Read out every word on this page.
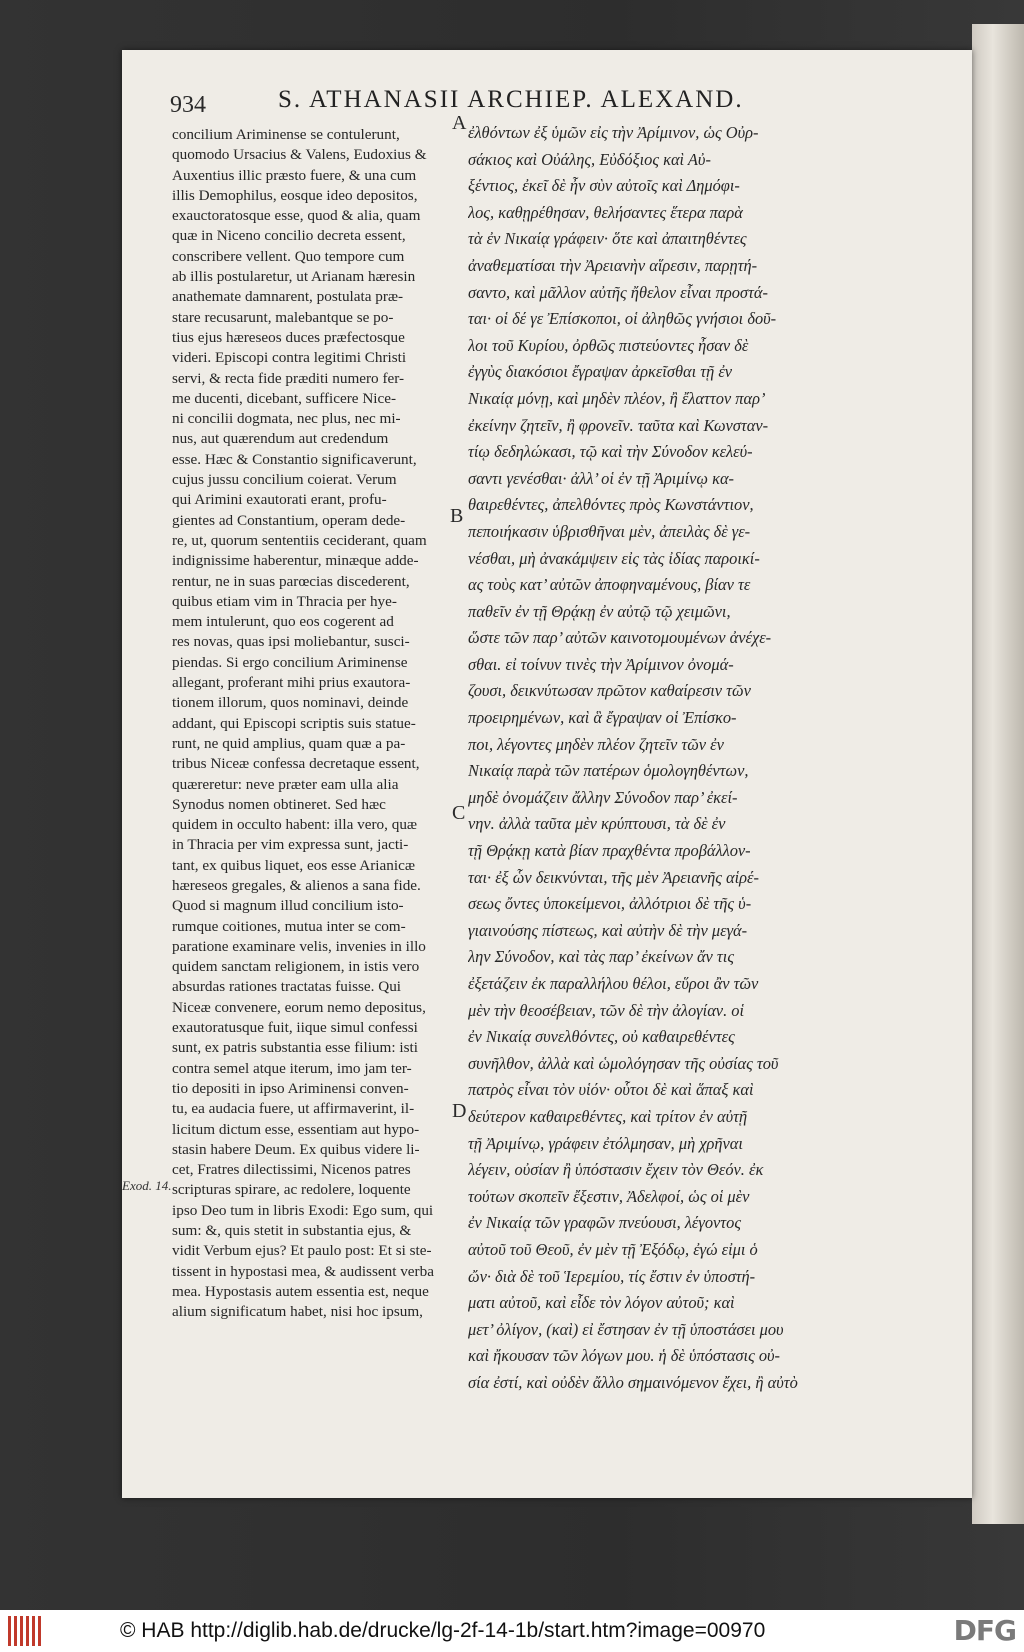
934	S. ATHANASII ARCHIEP. ALEXAND.

concilium Ariminense se contulerunt,
quomodo Ursacius & Valens, Eudoxius &
Auxentius illic præsto fuere, & una cum
illis Demophilus, eosque ideo depositos,
exauctoratosque esse, quod & alia, quam
quæ in Niceno concilio decreta essent,
conscribere vellent. Quo tempore cum
ab illis postularetur, ut Arianam hæresin
anathemate damnarent, postulata præ-
stare recusarunt, malebantque se po-
tius ejus hæreseos duces præfectosque
videri. Episcopi contra legitimi Christi
servi, & recta fide præditi numero fer-
me ducenti, dicebant, sufficere Nice-
ni concilii dogmata, nec plus, nec mi-
nus, aut quærendum aut credendum
esse. Hæc & Constantio significaverunt,
cujus jussu concilium coierat. Verum
qui Arimini exautorati erant, profu-
gientes ad Constantium, operam dede-
re, ut, quorum sententiis ceciderant, quam
indignissime haberentur, minæque adde-
rentur, ne in suas parœcias discederent,
quibus etiam vim in Thracia per hye-
mem intulerunt, quo eos cogerent ad
res novas, quas ipsi moliebantur, susci-
piendas. Si ergo concilium Ariminense
allegant, proferant mihi prius exautora-
tionem illorum, quos nominavi, deinde
addant, qui Episcopi scriptis suis statue-
runt, ne quid amplius, quam quæ a pa-
tribus Niceæ confessa decretaque essent,
quæreretur: neve præter eam ulla alia
Synodus nomen obtineret. Sed hæc
quidem in occulto habent: illa vero, quæ
in Thracia per vim expressa sunt, jacti-
tant, ex quibus liquet, eos esse Arianicæ
hæreseos gregales, & alienos a sana fide.
Quod si magnum illud concilium isto-
rumque coitiones, mutua inter se com-
paratione examinare velis, invenies in illo
quidem sanctam religionem, in istis vero
absurdas rationes tractatas fuisse. Qui
Niceæ convenere, eorum nemo depositus,
exautoratusque fuit, iique simul confessi
sunt, ex patris substantia esse filium: isti
contra semel atque iterum, imo jam ter-
tio depositi in ipso Ariminensi conven-
tu, ea audacia fuere, ut affirmaverint, il-
licitum dictum esse, essentiam aut hypo-
stasin habere Deum. Ex quibus videre li-
cet, Fratres dilectissimi, Nicenos patres
scripturas spirare, ac redolere, loquente
ipso Deo tum in libris Exodi: Ego sum, qui
sum: &, quis stetit in substantia ejus, &
vidit Verbum ejus? Et paulo post: Et si ste-
tissent in hypostasi mea, & audissent verba
mea. Hypostasis autem essentia est, neque
alium significatum habet, nisi hoc ipsum,
ἐλθόντων ἐξ ὑμῶν εἰς τὴν Ἀρίμινον, ὡς Οὐρ-
σάκιος καὶ Οὐάλης, Εὐδόξιος καὶ Αὐ-
ξέντιος, ἐκεῖ δὲ ἦν σὺν αὐτοῖς καὶ Δημόφι-
λος, καθῃρέθησαν, θελήσαντες ἕτερα παρὰ
τὰ ἐν Νικαίᾳ γράφειν· ὅτε καὶ ἀπαιτηθέντες
ἀναθεματίσαι τὴν Ἀρειανὴν αἵρεσιν, παρῃτή-
σαντο, καὶ μᾶλλον αὐτῆς ἤθελον εἶναι προστά-
ται· οἱ δέ γε Ἐπίσκοποι, οἱ ἀληθῶς γνήσιοι δοῦ-
λοι τοῦ Κυρίου, ὀρθῶς πιστεύοντες ἦσαν δὲ
ἐγγὺς διακόσιοι ἔγραψαν ἀρκεῖσθαι τῇ ἐν
Νικαίᾳ μόνῃ, καὶ μηδὲν πλέον, ἢ ἔλαττον παρ’
ἐκείνην ζητεῖν, ἢ φρονεῖν. ταῦτα καὶ Κωνσταν-
τίῳ δεδηλώκασι, τῷ καὶ τὴν Σύνοδον κελεύ-
σαντι γενέσθαι· ἀλλ’ οἱ ἐν τῇ Ἀριμίνῳ κα-
θαιρεθέντες, ἀπελθόντες πρὸς Κωνστάντιον,
πεποιήκασιν ὑβρισθῆναι μὲν, ἀπειλὰς δὲ γε-
νέσθαι, μὴ ἀνακάμψειν εἰς τὰς ἰδίας παροικί-
ας τοὺς κατ’ αὐτῶν ἀποφηναμένους, βίαν τε
παθεῖν ἐν τῇ Θρᾴκῃ ἐν αὐτῷ τῷ χειμῶνι,
ὥστε τῶν παρ’ αὐτῶν καινοτομουμένων ἀνέχε-
σθαι. εἰ τοίνυν τινὲς τὴν Ἀρίμινον ὀνομά-
ζουσι, δεικνύτωσαν πρῶτον καθαίρεσιν τῶν
προειρημένων, καὶ ἃ ἔγραψαν οἱ Ἐπίσκο-
ποι, λέγοντες μηδὲν πλέον ζητεῖν τῶν ἐν
Νικαίᾳ παρὰ τῶν πατέρων ὁμολογηθέντων,
μηδὲ ὀνομάζειν ἄλλην Σύνοδον παρ’ ἐκεί-
νην. ἀλλὰ ταῦτα μὲν κρύπτουσι, τὰ δὲ ἐν
τῇ Θρᾴκῃ κατὰ βίαν πραχθέντα προβάλλον-
ται· ἐξ ὧν δεικνύνται, τῆς μὲν Ἀρειανῆς αἱρέ-
σεως ὄντες ὑποκείμενοι, ἀλλότριοι δὲ τῆς ὑ-
γιαινούσης πίστεως, καὶ αὐτὴν δὲ τὴν μεγά-
λην Σύνοδον, καὶ τὰς παρ’ ἐκείνων ἄν τις
ἐξετάζειν ἐκ παραλλήλου θέλοι, εὕροι ἂν τῶν
μὲν τὴν θεοσέβειαν, τῶν δὲ τὴν ἀλογίαν. οἱ
ἐν Νικαίᾳ συνελθόντες, οὐ καθαιρεθέντες
συνῆλθον, ἀλλὰ καὶ ὡμολόγησαν τῆς οὐσίας τοῦ
πατρὸς εἶναι τὸν υἱόν· οὗτοι δὲ καὶ ἅπαξ καὶ
δεύτερον καθαιρεθέντες, καὶ τρίτον ἐν αὐτῇ
τῇ Ἀριμίνῳ, γράφειν ἐτόλμησαν, μὴ χρῆναι
λέγειν, οὐσίαν ἢ ὑπόστασιν ἔχειν τὸν Θεόν. ἐκ
τούτων σκοπεῖν ἔξεστιν, Ἀδελφοί, ὡς οἱ μὲν
ἐν Νικαίᾳ τῶν γραφῶν πνεύουσι, λέγοντος
αὐτοῦ τοῦ Θεοῦ, ἐν μὲν τῇ Ἐξόδῳ, ἐγώ εἰμι ὁ
ὤν· διὰ δὲ τοῦ Ἱερεμίου, τίς ἔστιν ἐν ὑποστή-
ματι αὐτοῦ, καὶ εἶδε τὸν λόγον αὐτοῦ; καὶ
μετ’ ὀλίγον, (καὶ) εἰ ἔστησαν ἐν τῇ ὑποστάσει μου
καὶ ἤκουσαν τῶν λόγων μου. ἡ δὲ ὑπόστασις οὐ-
σία ἐστί, καὶ οὐδὲν ἄλλο σημαινόμενον ἔχει, ἢ αὐτὸ
A
B
C
D
Exod. 14.
© HAB http://diglib.hab.de/drucke/lg-2f-14-1b/start.htm?image=00970	DFG
